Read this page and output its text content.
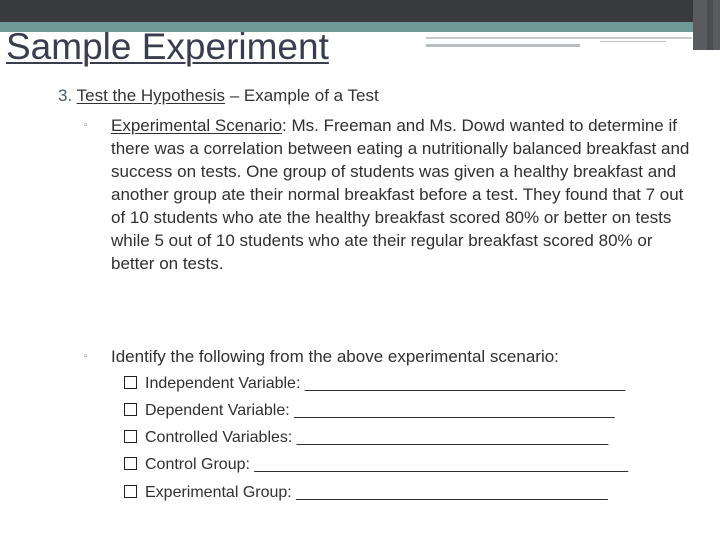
Sample Experiment
3. Test the Hypothesis – Example of a Test
▫ Experimental Scenario: Ms. Freeman and Ms. Dowd wanted to determine if there was a correlation between eating a nutritionally balanced breakfast and success on tests. One group of students was given a healthy breakfast and another group ate their normal breakfast before a test. They found that 7 out of 10 students who ate the healthy breakfast scored 80% or better on tests while 5 out of 10 students who ate their regular breakfast scored 80% or better on tests.
▫ Identify the following from the above experimental scenario:
Independent Variable: ____________________________________
Dependent Variable: ____________________________________
Controlled Variables: ___________________________________
Control Group: __________________________________________
Experimental Group: ___________________________________
